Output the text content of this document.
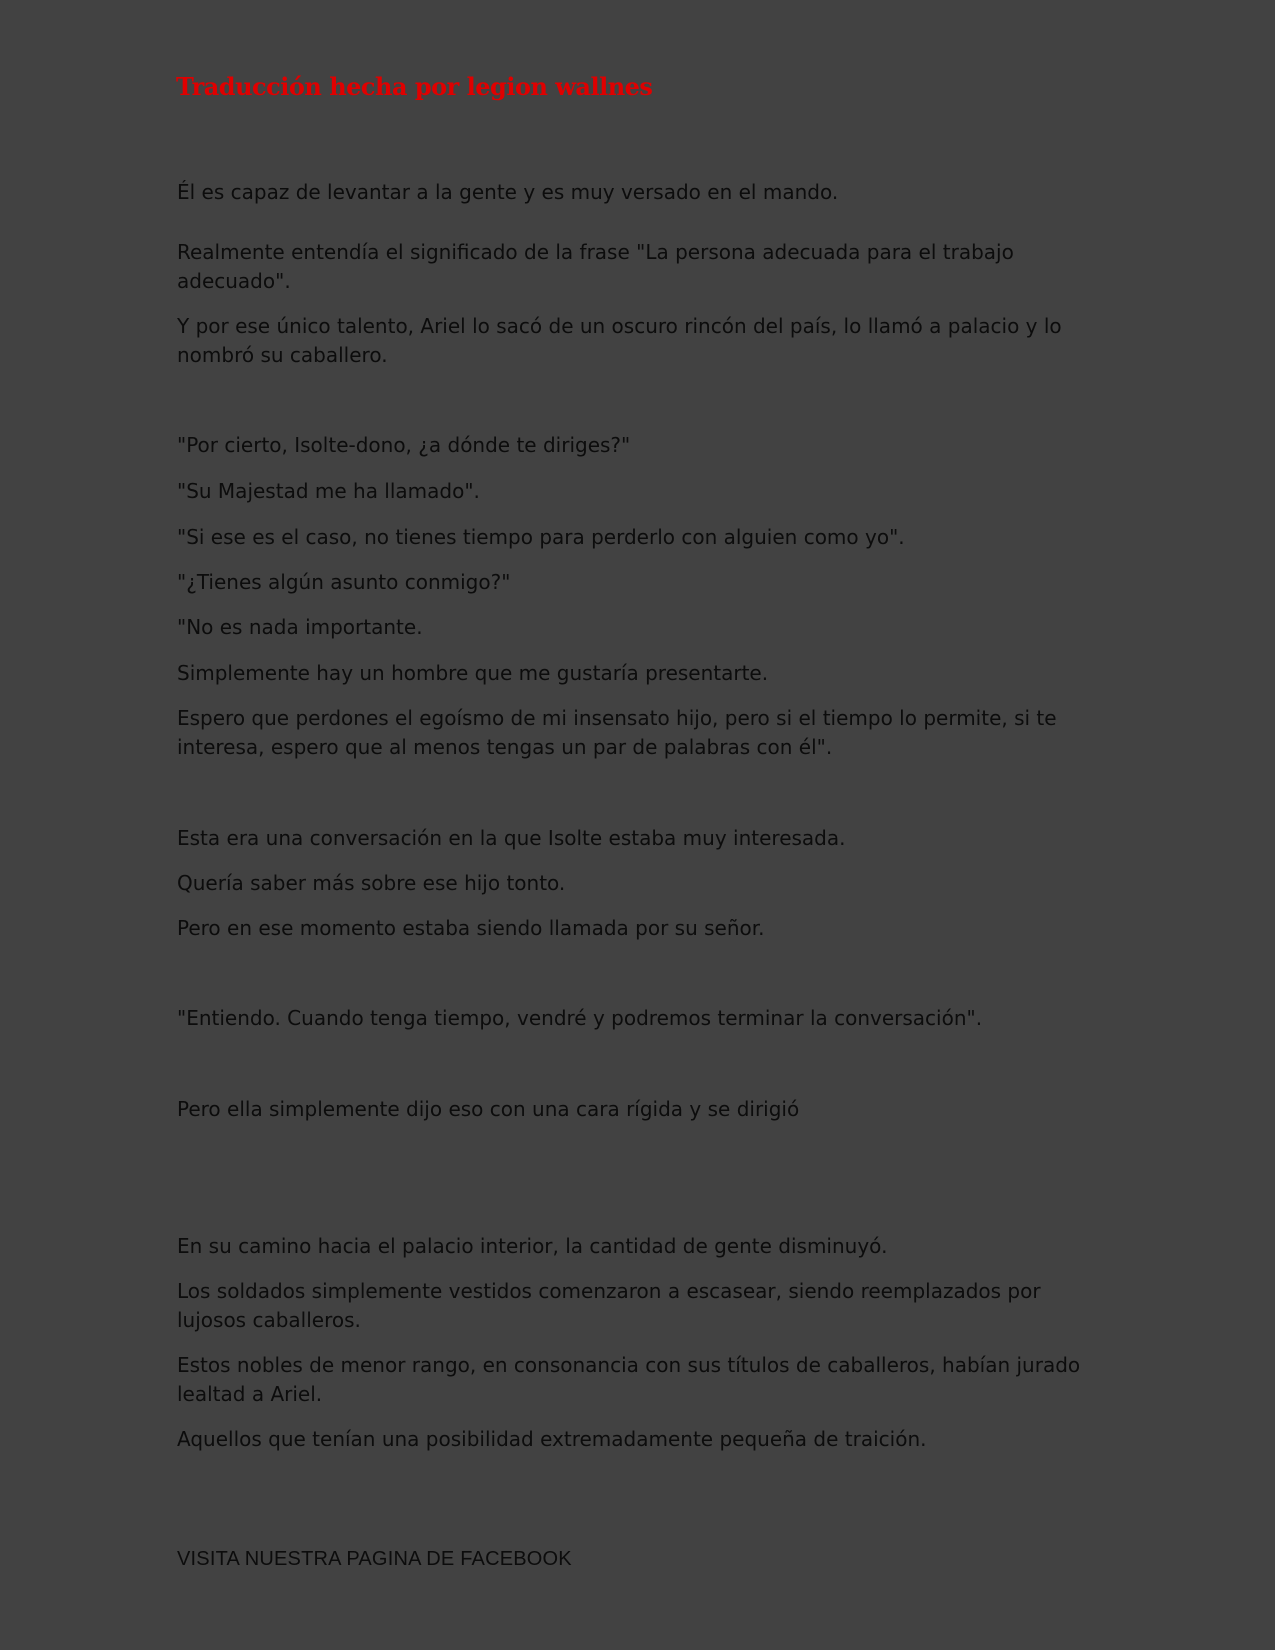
Traducción hecha por legion wallnes

Él es capaz de levantar a la gente y es muy versado en el mando.

Realmente entendía el significado de la frase "La persona adecuada para el trabajo adecuado".

Y por ese único talento, Ariel lo sacó de un oscuro rincón del país, lo llamó a palacio y lo nombró su caballero.

"Por cierto, Isolte-dono, ¿a dónde te diriges?"

"Su Majestad me ha llamado".

"Si ese es el caso, no tienes tiempo para perderlo con alguien como yo".

"¿Tienes algún asunto conmigo?"

"No es nada importante.

Simplemente hay un hombre que me gustaría presentarte.

Espero que perdones el egoísmo de mi insensato hijo, pero si el tiempo lo permite, si te interesa, espero que al menos tengas un par de palabras con él".

Esta era una conversación en la que Isolte estaba muy interesada.

Quería saber más sobre ese hijo tonto.

Pero en ese momento estaba siendo llamada por su señor.

"Entiendo. Cuando tenga tiempo, vendré y podremos terminar la conversación".

Pero ella simplemente dijo eso con una cara rígida y se dirigió

En su camino hacia el palacio interior, la cantidad de gente disminuyó.

Los soldados simplemente vestidos comenzaron a escasear, siendo reemplazados por lujosos caballeros.

Estos nobles de menor rango, en consonancia con sus títulos de caballeros, habían jurado lealtad a Ariel.

Aquellos que tenían una posibilidad extremadamente pequeña de traición.

VISITA NUESTRA PAGINA DE FACEBOOK
